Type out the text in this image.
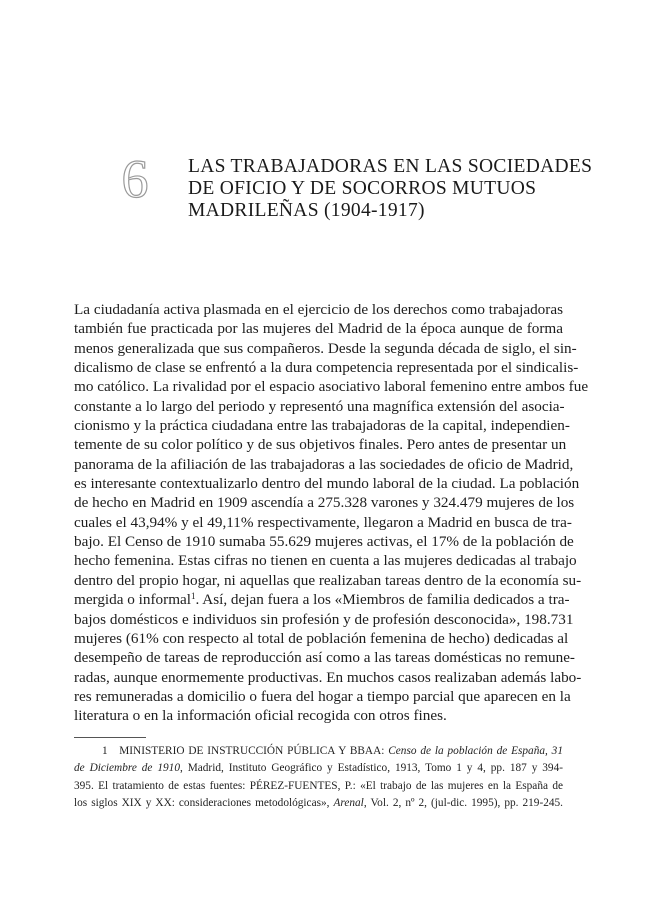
6	LAS TRABAJADORAS EN LAS SOCIEDADES
DE OFICIO Y DE SOCORROS MUTUOS
MADRILEÑAS (1904-1917)
La ciudadanía activa plasmada en el ejercicio de los derechos como trabajadoras
también fue practicada por las mujeres del Madrid de la época aunque de forma
menos generalizada que sus compañeros. Desde la segunda década de siglo, el sin-
dicalismo de clase se enfrentó a la dura competencia representada por el sindicalis-
mo católico. La rivalidad por el espacio asociativo laboral femenino entre ambos fue
constante a lo largo del periodo y representó una magnífica extensión del asocia-
cionismo y la práctica ciudadana entre las trabajadoras de la capital, independien-
temente de su color político y de sus objetivos finales. Pero antes de presentar un
panorama de la afiliación de las trabajadoras a las sociedades de oficio de Madrid,
es interesante contextualizarlo dentro del mundo laboral de la ciudad. La población
de hecho en Madrid en 1909 ascendía a 275.328 varones y 324.479 mujeres de los
cuales el 43,94% y el 49,11% respectivamente, llegaron a Madrid en busca de tra-
bajo. El Censo de 1910 sumaba 55.629 mujeres activas, el 17% de la población de
hecho femenina. Estas cifras no tienen en cuenta a las mujeres dedicadas al trabajo
dentro del propio hogar, ni aquellas que realizaban tareas dentro de la economía su-
mergida o informal$^1$. Así, dejan fuera a los «Miembros de familia dedicados a tra-
bajos domésticos e individuos sin profesión y de profesión desconocida», 198.731
mujeres (61% con respecto al total de población femenina de hecho) dedicadas al
desempeño de tareas de reproducción así como a las tareas domésticas no remune-
radas, aunque enormemente productivas. En muchos casos realizaban además labo-
res remuneradas a domicilio o fuera del hogar a tiempo parcial que aparecen en la
literatura o en la información oficial recogida con otros fines.
1 MINISTERIO DE INSTRUCCIÓN PÚBLICA Y BBAA: Censo de la población de España, 31
de Diciembre de 1910, Madrid, Instituto Geográfico y Estadístico, 1913, Tomo 1 y 4, pp. 187 y 394-
395. El tratamiento de estas fuentes: PÉREZ-FUENTES, P.: «El trabajo de las mujeres en la España de
los siglos XIX y XX: consideraciones metodológicas», Arenal, Vol. 2, nº 2, (jul-dic. 1995), pp. 219-245.
